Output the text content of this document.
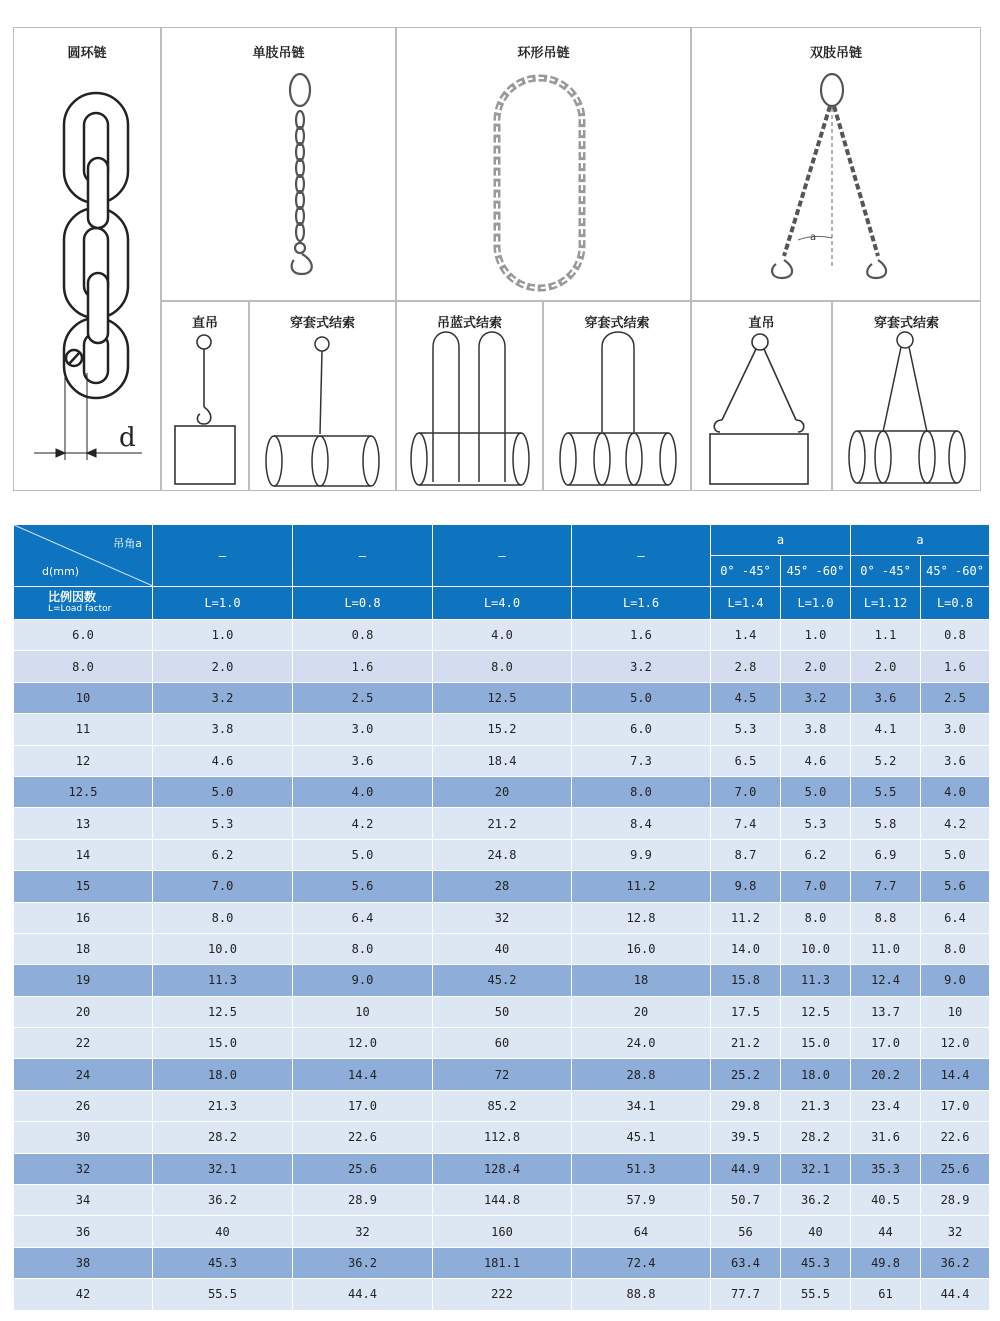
圆环链
d
单肢吊链	环形吊链	双肢吊链
a
直吊	穿套式结索	吊蓝式结索	穿套式结索	直吊	穿套式结索
吊角a
d(mm)	–	–	–	–	a		a	
					0° -45°	45° -60°	0° -45°	45° -60°

比例因数
L=Load factor	L=1.0	L=0.8	L=4.0	L=1.6	L=1.4	L=1.0	L=1.12	L=0.8
6.0	1.0	0.8	4.0	1.6	1.4	1.0	1.1	0.8
8.0	2.0	1.6	8.0	3.2	2.8	2.0	2.0	1.6
10	3.2	2.5	12.5	5.0	4.5	3.2	3.6	2.5
11	3.8	3.0	15.2	6.0	5.3	3.8	4.1	3.0
12	4.6	3.6	18.4	7.3	6.5	4.6	5.2	3.6
12.5	5.0	4.0	20	8.0	7.0	5.0	5.5	4.0
13	5.3	4.2	21.2	8.4	7.4	5.3	5.8	4.2
14	6.2	5.0	24.8	9.9	8.7	6.2	6.9	5.0
15	7.0	5.6	28	11.2	9.8	7.0	7.7	5.6
16	8.0	6.4	32	12.8	11.2	8.0	8.8	6.4
18	10.0	8.0	40	16.0	14.0	10.0	11.0	8.0
19	11.3	9.0	45.2	18	15.8	11.3	12.4	9.0
20	12.5	10	50	20	17.5	12.5	13.7	10
22	15.0	12.0	60	24.0	21.2	15.0	17.0	12.0
24	18.0	14.4	72	28.8	25.2	18.0	20.2	14.4
26	21.3	17.0	85.2	34.1	29.8	21.3	23.4	17.0
30	28.2	22.6	112.8	45.1	39.5	28.2	31.6	22.6
32	32.1	25.6	128.4	51.3	44.9	32.1	35.3	25.6
34	36.2	28.9	144.8	57.9	50.7	36.2	40.5	28.9
36	40	32	160	64	56	40	44	32
38	45.3	36.2	181.1	72.4	63.4	45.3	49.8	36.2
42	55.5	44.4	222	88.8	77.7	55.5	61	44.4
